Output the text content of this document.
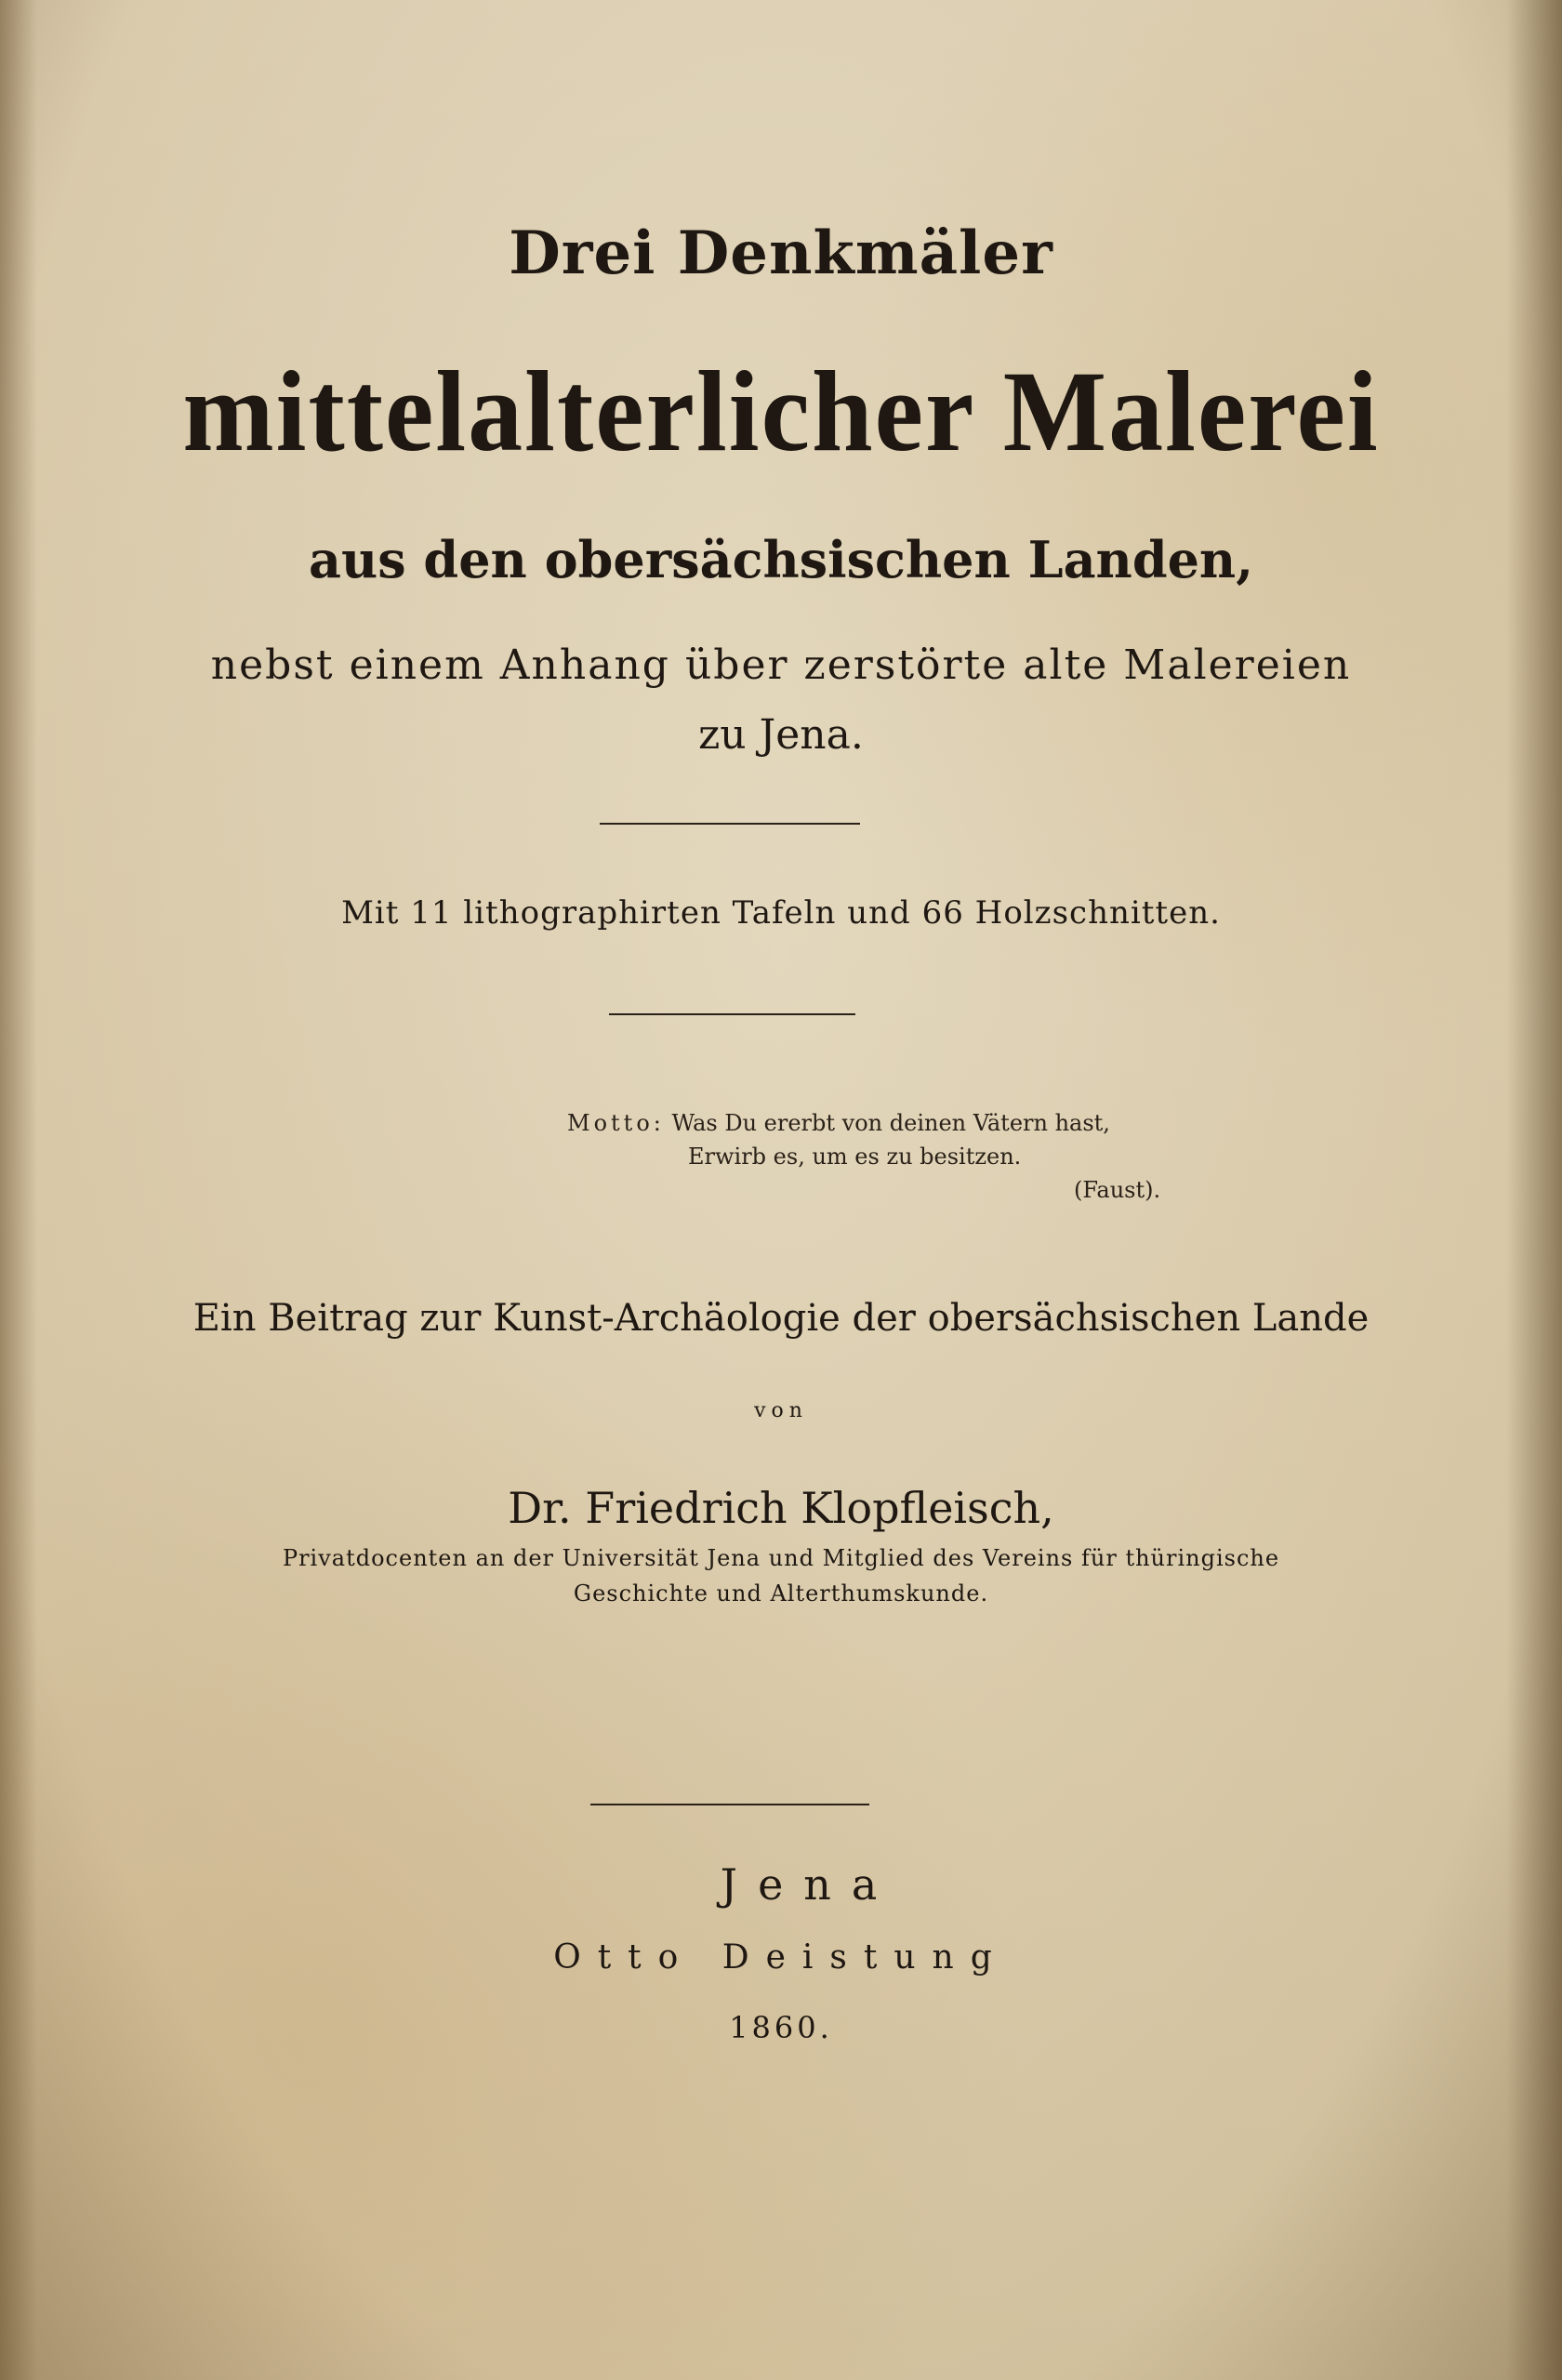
Drei Denkmäler
mittelalterlicher Malerei
aus den obersächsischen Landen,
nebst einem Anhang über zerstörte alte Malereien
zu Jena.
Mit 11 lithographirten Tafeln und 66 Holzschnitten.
Motto: Was Du ererbt von deinen Vätern hast,
Erwirb es, um es zu besitzen.
(Faust).
Ein Beitrag zur Kunst-Archäologie der obersächsischen Lande
von
Dr. Friedrich Klopfleisch,
Privatdocenten an der Universität Jena und Mitglied des Vereins für thüringische
Geschichte und Alterthumskunde.
Jena
Otto Deistung
1860.
